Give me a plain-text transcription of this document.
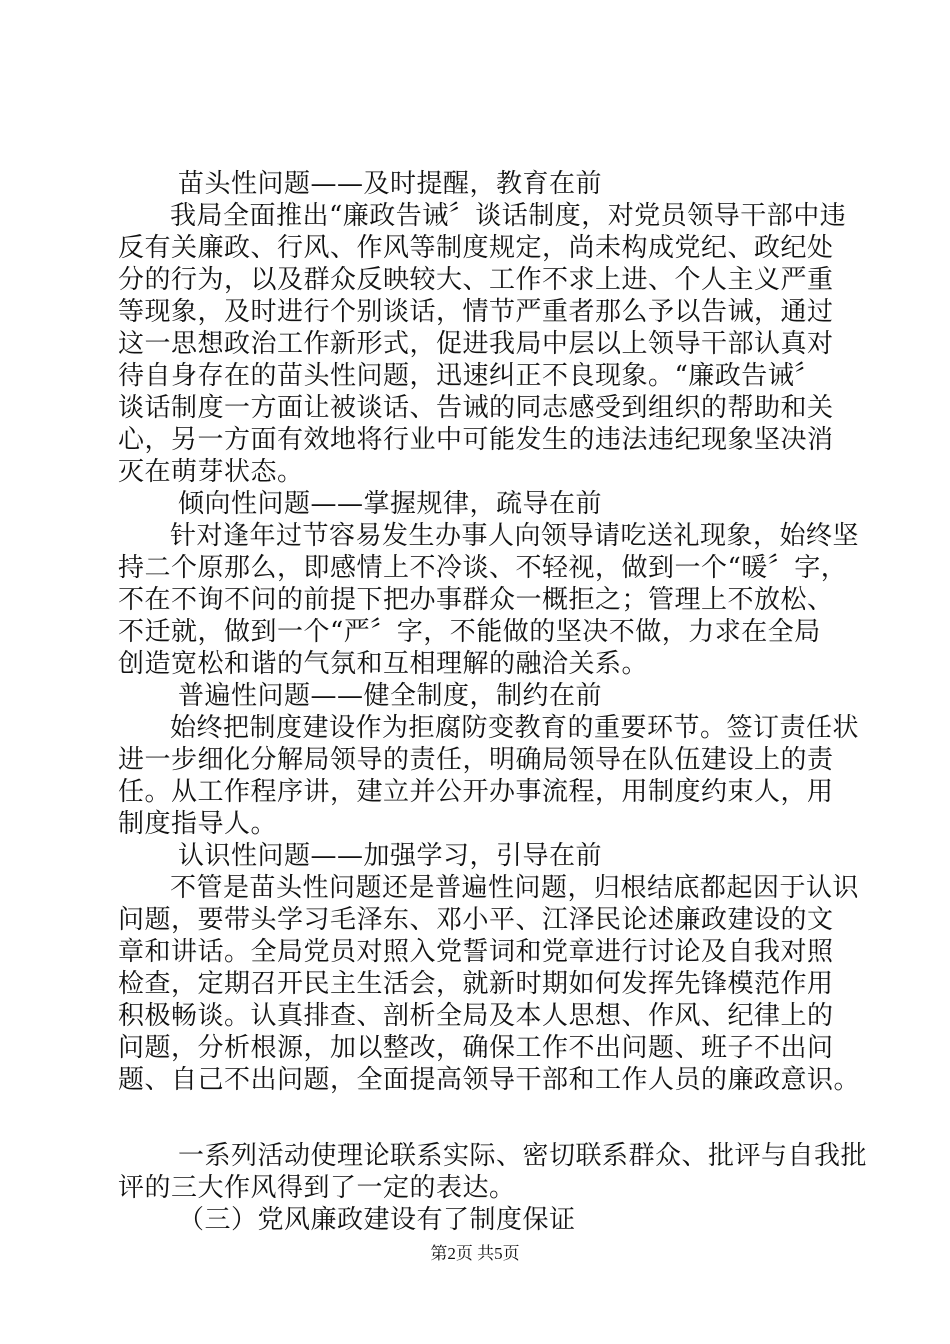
苗头性问题——及时提醒，教育在前
我局全面推出“廉政告诫〞谈话制度，对党员领导干部中违
反有关廉政、行风、作风等制度规定，尚未构成党纪、政纪处
分的行为，以及群众反映较大、工作不求上进、个人主义严重
等现象，及时进行个别谈话，情节严重者那么予以告诫，通过
这一思想政治工作新形式，促进我局中层以上领导干部认真对
待自身存在的苗头性问题，迅速纠正不良现象。“廉政告诫〞
谈话制度一方面让被谈话、告诫的同志感受到组织的帮助和关
心，另一方面有效地将行业中可能发生的违法违纪现象坚决消
灭在萌芽状态。
倾向性问题——掌握规律，疏导在前
针对逢年过节容易发生办事人向领导请吃送礼现象，始终坚
持二个原那么，即感情上不冷谈、不轻视，做到一个“暖〞字，
不在不询不问的前提下把办事群众一概拒之；管理上不放松、
不迁就，做到一个“严〞字，不能做的坚决不做，力求在全局
创造宽松和谐的气氛和互相理解的融洽关系。
普遍性问题——健全制度，制约在前
始终把制度建设作为拒腐防变教育的重要环节。签订责任状
进一步细化分解局领导的责任，明确局领导在队伍建设上的责
任。从工作程序讲，建立并公开办事流程，用制度约束人，用
制度指导人。
认识性问题——加强学习，引导在前
不管是苗头性问题还是普遍性问题，归根结底都起因于认识
问题，要带头学习毛泽东、邓小平、江泽民论述廉政建设的文
章和讲话。全局党员对照入党誓词和党章进行讨论及自我对照
检查，定期召开民主生活会，就新时期如何发挥先锋模范作用
积极畅谈。认真排查、剖析全局及本人思想、作风、纪律上的
问题，分析根源，加以整改，确保工作不出问题、班子不出问
题、自己不出问题，全面提高领导干部和工作人员的廉政意识。
一系列活动使理论联系实际、密切联系群众、批评与自我批
评的三大作风得到了一定的表达。
（三）党风廉政建设有了制度保证
第2页 共5页
